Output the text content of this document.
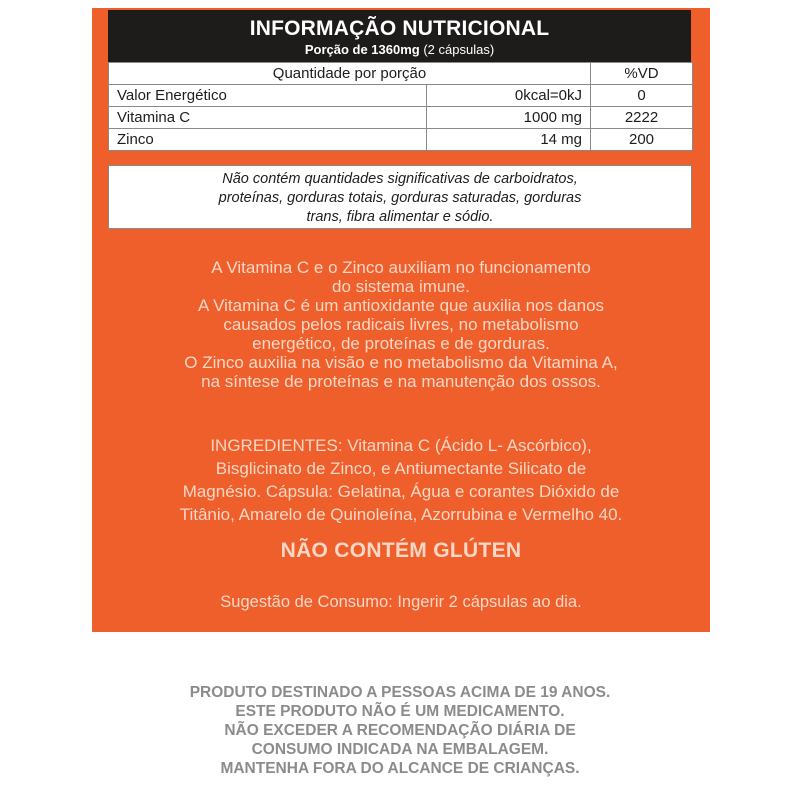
INFORMAÇÃO NUTRICIONAL
Porção de 1360mg (2 cápsulas)
Quantidade por porção		%VD
Valor Energético	0kcal=0kJ	0
Vitamina C	1000 mg	2222
Zinco	14 mg	200
Não contém quantidades significativas de carboidratos,
proteínas, gorduras totais, gorduras saturadas, gorduras
trans, fibra alimentar e sódio.
A Vitamina C e o Zinco auxiliam no funcionamento
do sistema imune.
A Vitamina C é um antioxidante que auxilia nos danos
causados pelos radicais livres, no metabolismo
energético, de proteínas e de gorduras.
O Zinco auxilia na visão e no metabolismo da Vitamina A,
na síntese de proteínas e na manutenção dos ossos.
INGREDIENTES: Vitamina C (Ácido L- Ascórbico),
Bisglicinato de Zinco, e Antiumectante Silicato de
Magnésio. Cápsula: Gelatina, Água e corantes Dióxido de
Titânio, Amarelo de Quinoleína, Azorrubina e Vermelho 40.
NÃO CONTÉM GLÚTEN
Sugestão de Consumo: Ingerir 2 cápsulas ao dia.
PRODUTO DESTINADO A PESSOAS ACIMA DE 19 ANOS.
ESTE PRODUTO NÃO É UM MEDICAMENTO.
NÃO EXCEDER A RECOMENDAÇÃO DIÁRIA DE
CONSUMO INDICADA NA EMBALAGEM.
MANTENHA FORA DO ALCANCE DE CRIANÇAS.
